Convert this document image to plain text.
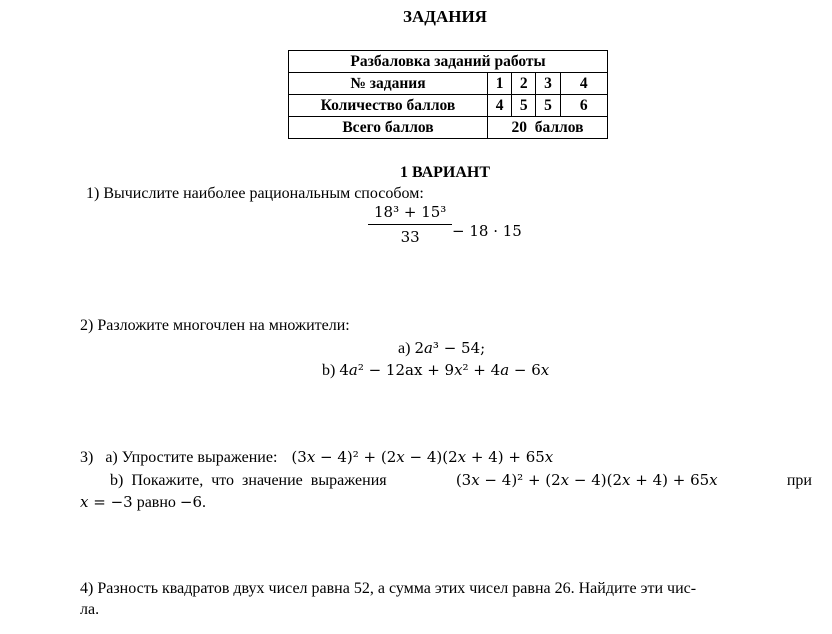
ЗАДАНИЯ
Разбаловка заданий работы				
№ задания	1	2	3	4
Количество баллов	4	5	5	6
Всего баллов	20  баллов			
1 ВАРИАНТ
1) Вычислите наиболее рациональным способом:
$\frac{\text{18³ + 15³}}{33} - 18 \cdot 15$
2) Разложите многочлен на множители:
a) 2𝑎³ − 54;
b) 4𝑎² − 12ax + 9𝑥² + 4𝑎 − 6𝑥
3)   a) Упростите выражение: (3𝑥 − 4)² + (2𝑥 − 4)(2𝑥 + 4) + 65𝑥
b)  Покажите,  что  значение  выражения	(3𝑥 − 4)² + (2𝑥 − 4)(2𝑥 + 4) + 65𝑥	при
𝑥 = −3 равно −6.
4) Разность квадратов двух чисел равна 52, а сумма этих чисел равна 26. Найдите эти чис-
ла.
